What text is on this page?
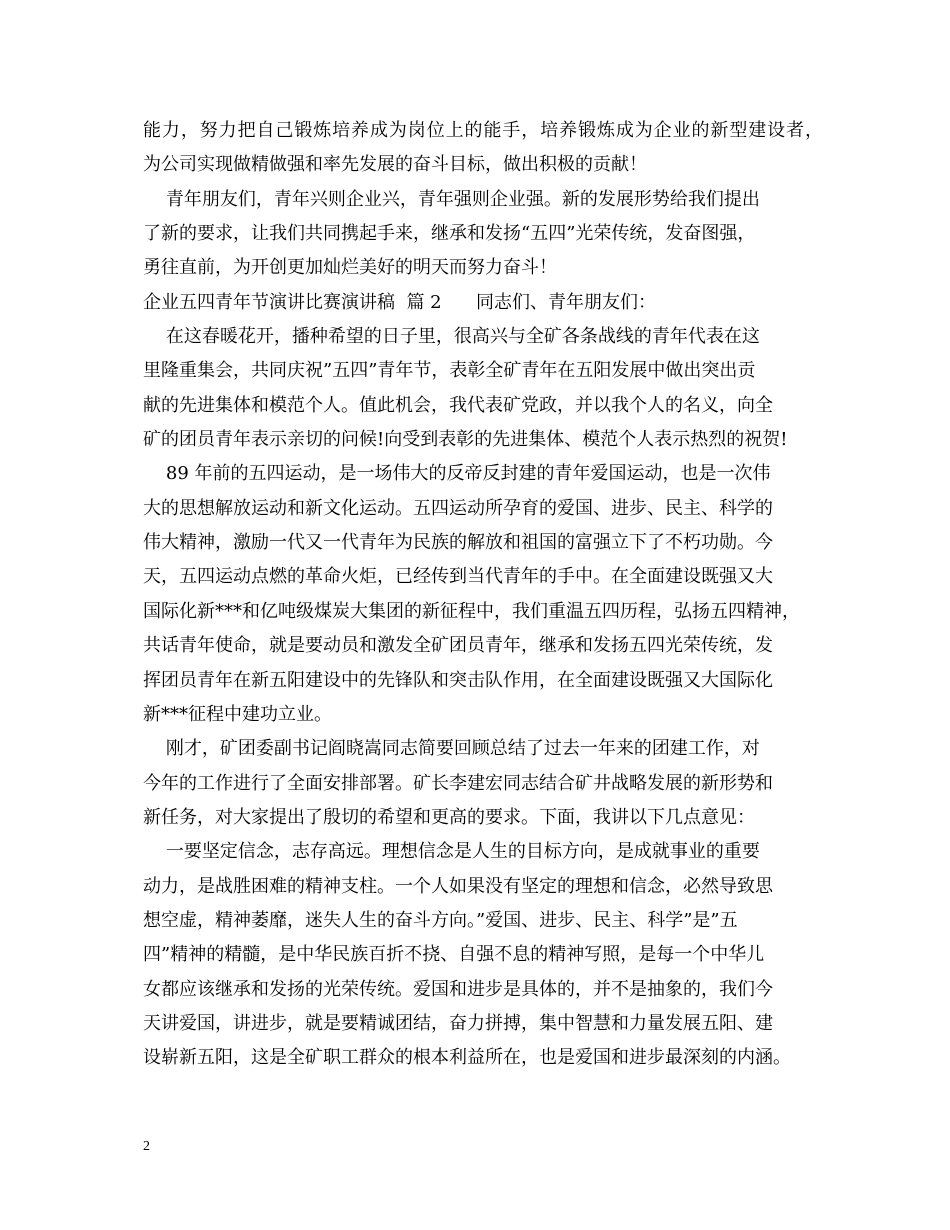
能力，努力把自己锻炼培养成为岗位上的能手，培养锻炼成为企业的新型建设者，
为公司实现做精做强和率先发展的奋斗目标，做出积极的贡献！
青年朋友们，青年兴则企业兴，青年强则企业强。新的发展形势给我们提出
了新的要求，让我们共同携起手来，继承和发扬“五四”光荣传统，发奋图强，
勇往直前，为开创更加灿烂美好的明天而努力奋斗！
企业五四青年节演讲比赛演讲稿  篇 2      同志们、青年朋友们：
在这春暖花开，播种希望的日子里，很高兴与全矿各条战线的青年代表在这
里隆重集会，共同庆祝”五四”青年节，表彰全矿青年在五阳发展中做出突出贡
献的先进集体和模范个人。值此机会，我代表矿党政，并以我个人的名义，向全
矿的团员青年表示亲切的问候!向受到表彰的先进集体、模范个人表示热烈的祝贺!
89 年前的五四运动，是一场伟大的反帝反封建的青年爱国运动，也是一次伟
大的思想解放运动和新文化运动。五四运动所孕育的爱国、进步、民主、科学的
伟大精神，激励一代又一代青年为民族的解放和祖国的富强立下了不朽功勋。今
天，五四运动点燃的革命火炬，已经传到当代青年的手中。在全面建设既强又大
国际化新***和亿吨级煤炭大集团的新征程中，我们重温五四历程，弘扬五四精神，
共话青年使命，就是要动员和激发全矿团员青年，继承和发扬五四光荣传统，发
挥团员青年在新五阳建设中的先锋队和突击队作用，在全面建设既强又大国际化
新***征程中建功立业。
刚才，矿团委副书记阎晓嵩同志简要回顾总结了过去一年来的团建工作，对
今年的工作进行了全面安排部署。矿长李建宏同志结合矿井战略发展的新形势和
新任务，对大家提出了殷切的希望和更高的要求。下面，我讲以下几点意见：
一要坚定信念，志存高远。理想信念是人生的目标方向，是成就事业的重要
动力，是战胜困难的精神支柱。一个人如果没有坚定的理想和信念，必然导致思
想空虚，精神萎靡，迷失人生的奋斗方向。”爱国、进步、民主、科学”是”五
四”精神的精髓，是中华民族百折不挠、自强不息的精神写照，是每一个中华儿
女都应该继承和发扬的光荣传统。爱国和进步是具体的，并不是抽象的，我们今
天讲爱国，讲进步，就是要精诚团结，奋力拼搏，集中智慧和力量发展五阳、建
设崭新五阳，这是全矿职工群众的根本利益所在，也是爱国和进步最深刻的内涵。
2
